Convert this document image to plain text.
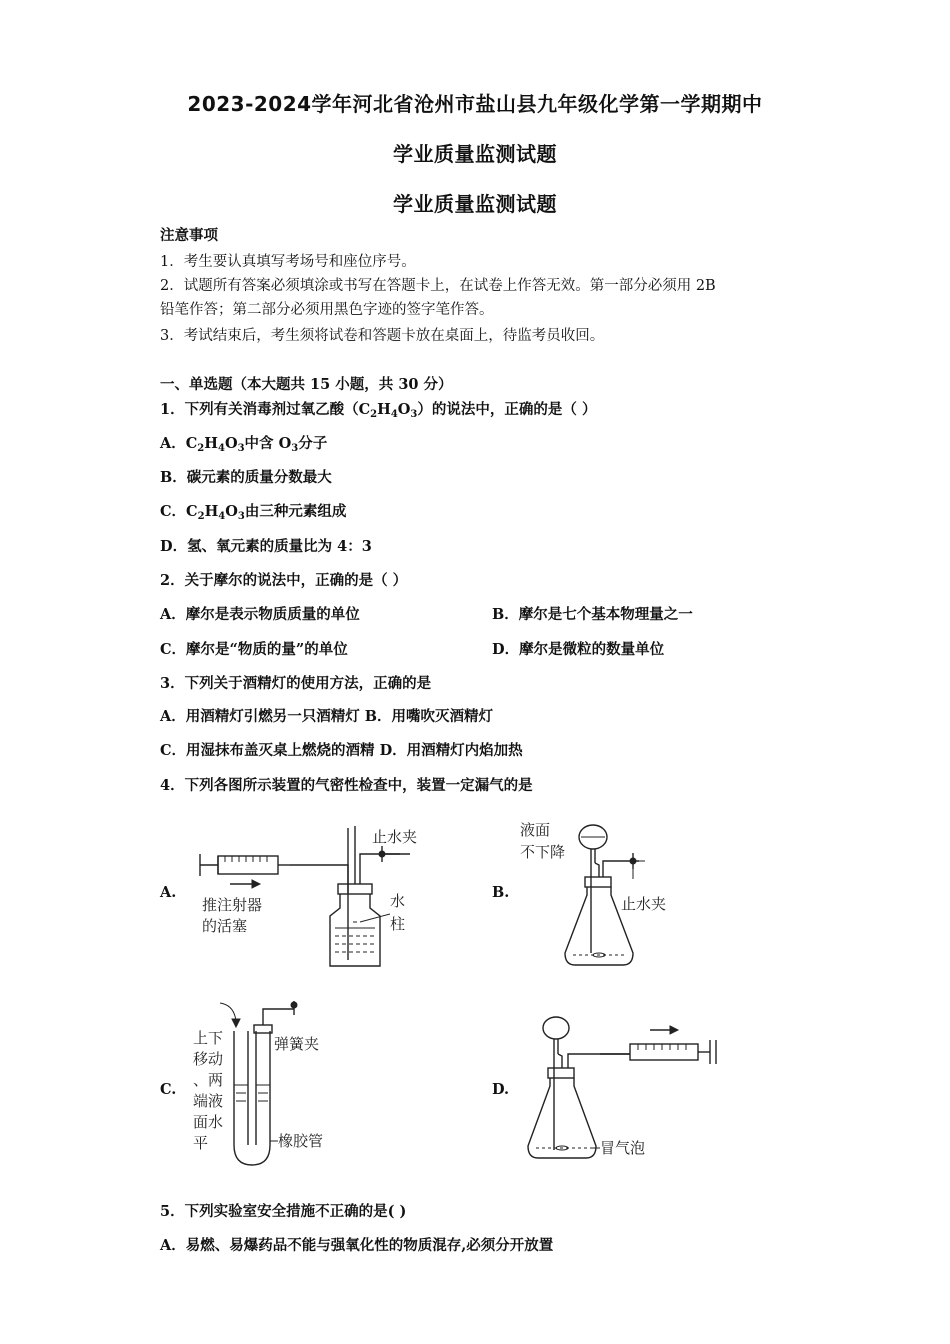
2023-2024学年河北省沧州市盐山县九年级化学第一学期期中
学业质量监测试题
学业质量监测试题
注意事项
1．考生要认真填写考场号和座位序号。
2．试题所有答案必须填涂或书写在答题卡上，在试卷上作答无效。第一部分必须用 2B
铅笔作答；第二部分必须用黑色字迹的签字笔作答。
3．考试结束后，考生须将试卷和答题卡放在桌面上，待监考员收回。
一、单选题（本大题共 15 小题，共 30 分）
1．下列有关消毒剂过氧乙酸$(C_2H_4O_3)$的说法中，正确的是（ ）
A．$C_2H_4O_3$中含 $O_3$分子
B．碳元素的质量分数最大
C．$C_2H_4O_3$由三种元素组成
D．氢、氧元素的质量比为 4：3
2．关于摩尔的说法中，正确的是（ ）
A．摩尔是表示物质质量的单位	B．摩尔是七个基本物理量之一
C．摩尔是“物质的量”的单位	D．摩尔是微粒的数量单位
3．下列关于酒精灯的使用方法，正确的是
A．用酒精灯引燃另一只酒精灯 B．用嘴吹灭酒精灯
C．用湿抹布盖灭桌上燃烧的酒精 D．用酒精灯内焰加热
4．下列各图所示装置的气密性检查中，装置一定漏气的是
A.	B.
C.	D.
止水夹
推注射器
的活塞
水
柱
液面
不下降
止水夹
上下
移动
、两
端液
面水
平
弹簧夹
橡胶管	冒气泡
5．下列实验室安全措施不正确的是( )
A．易燃、易爆药品不能与强氧化性的物质混存,必须分开放置
